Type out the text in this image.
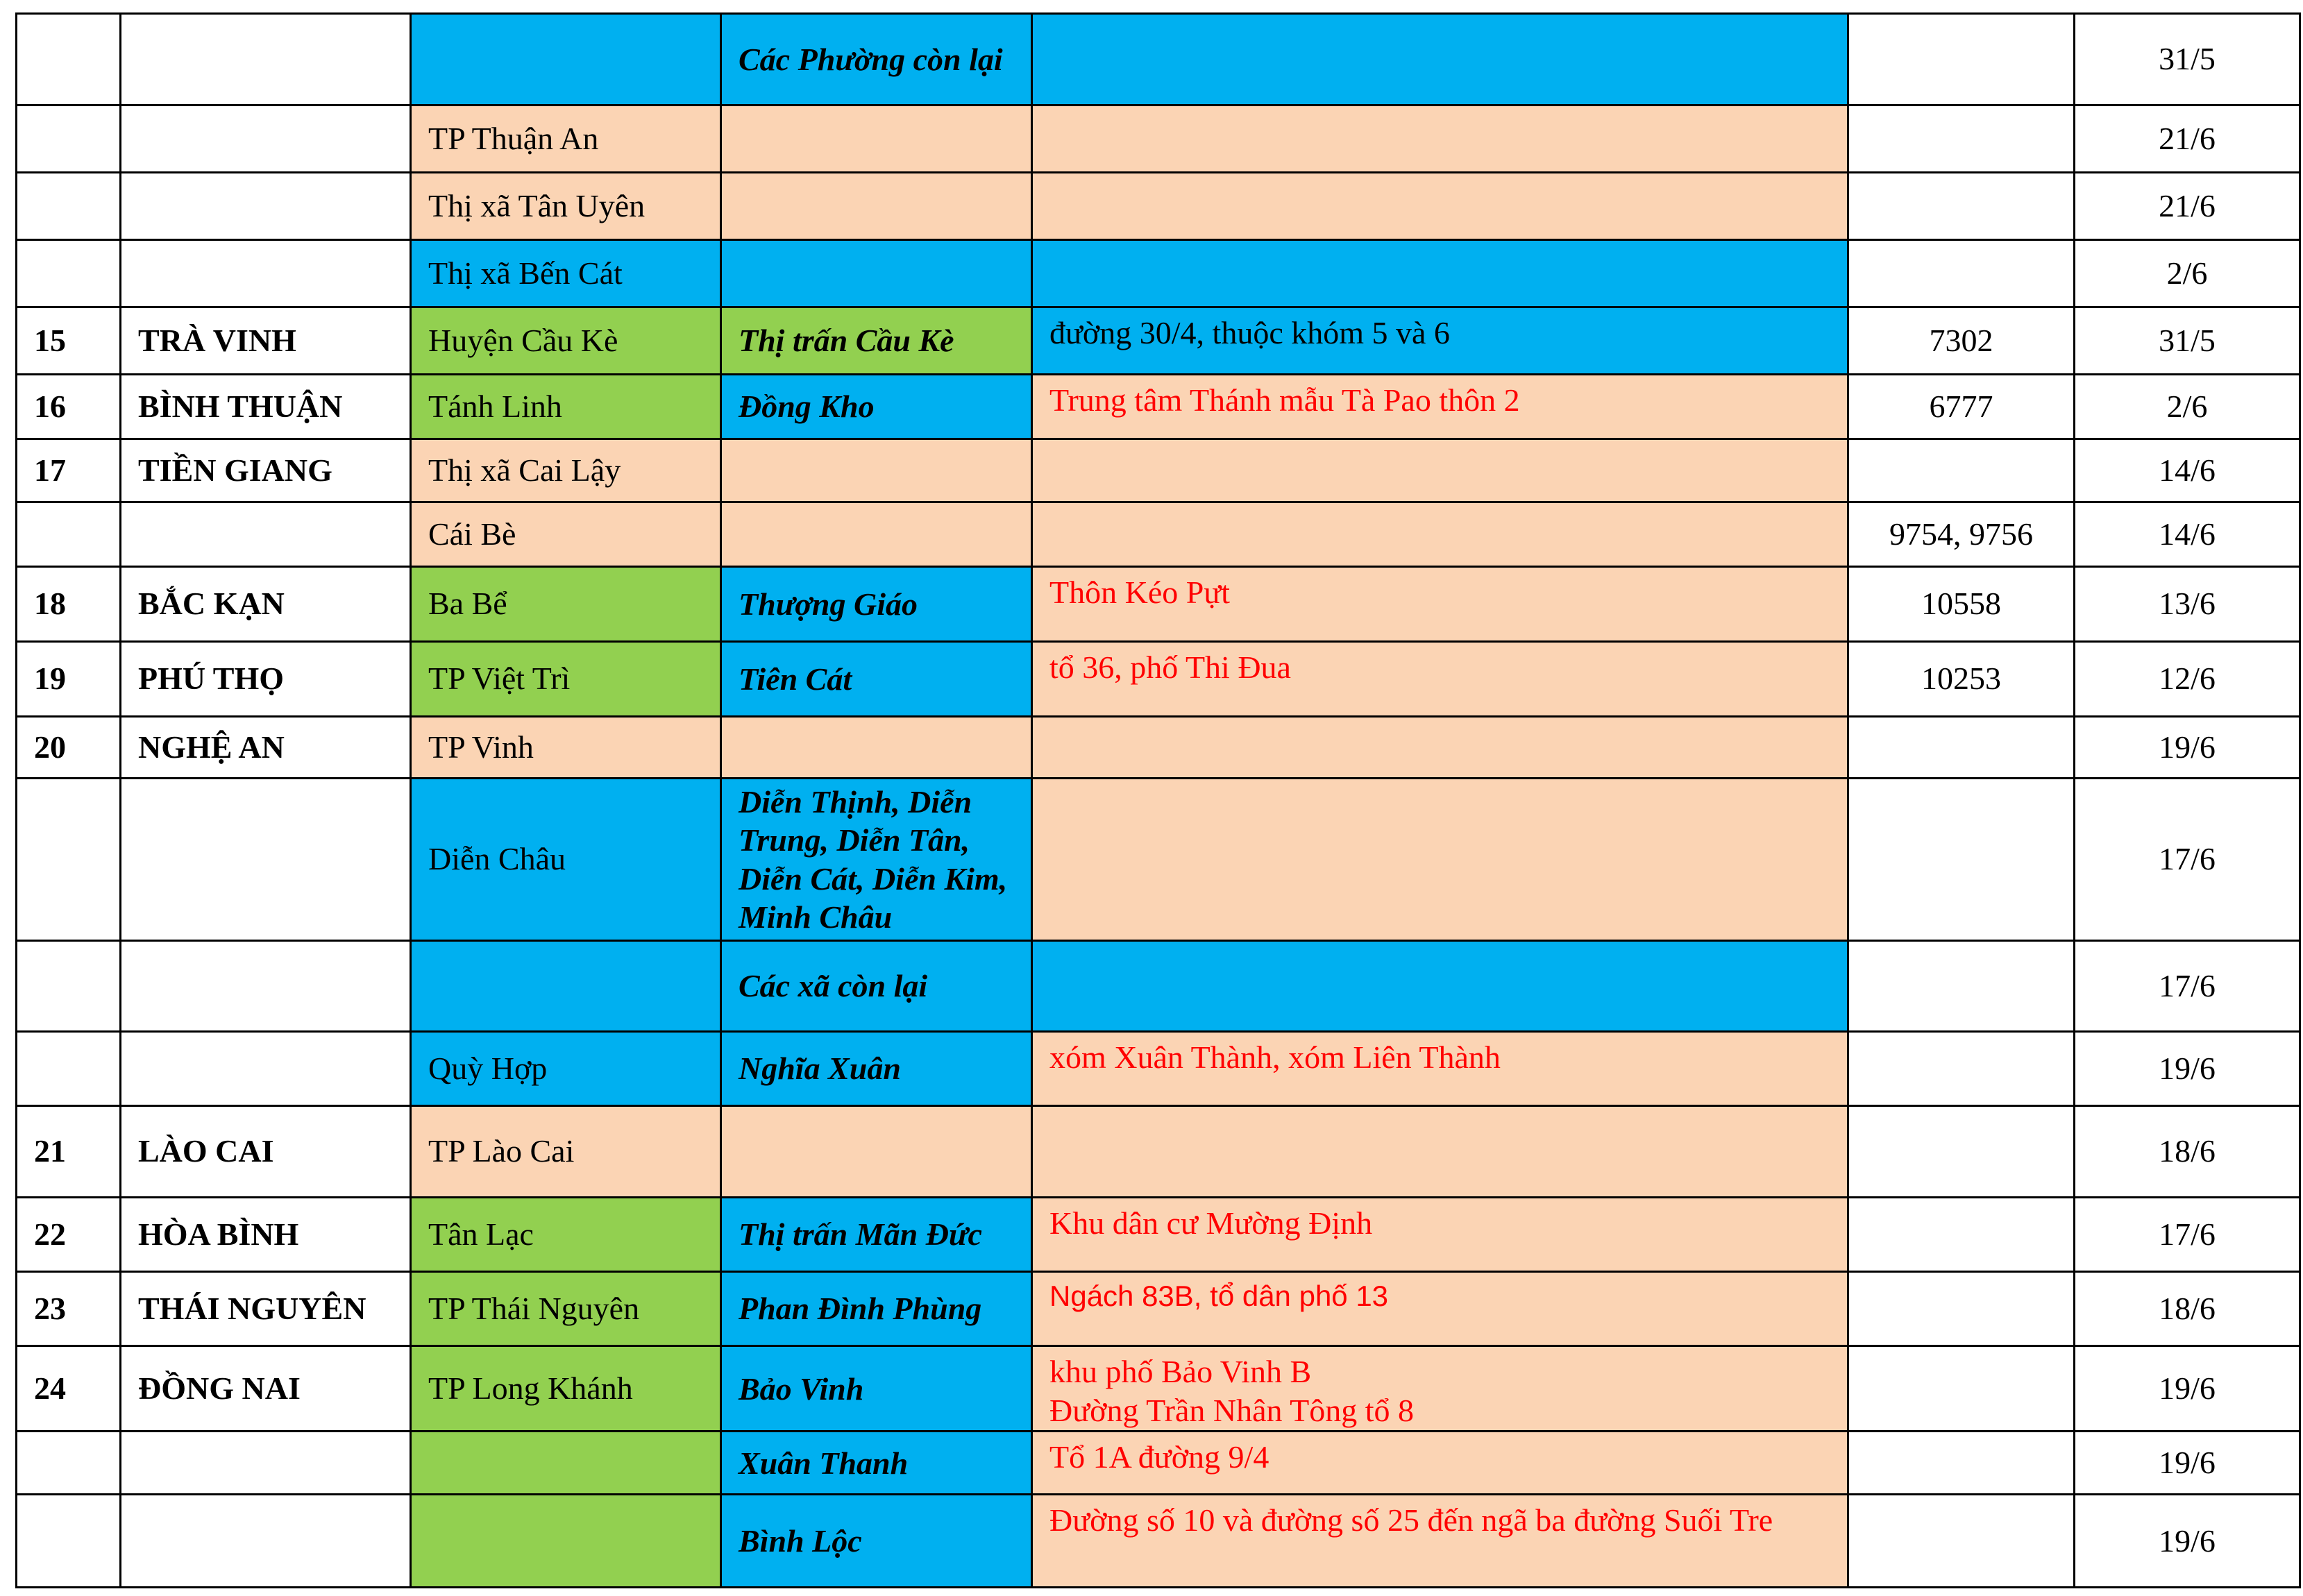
			Các Phường còn lại			31/5
		TP Thuận An				21/6
		Thị xã Tân Uyên				21/6
		Thị xã Bến Cát				2/6
15	TRÀ VINH	Huyện Cầu Kè	Thị trấn Cầu Kè	đường 30/4, thuộc khóm 5 và 6	7302	31/5
16	BÌNH THUẬN	Tánh Linh	Đồng Kho	Trung tâm Thánh mẫu Tà Pao thôn 2	6777	2/6
17	TIỀN GIANG	Thị xã Cai Lậy				14/6
		Cái Bè			9754, 9756	14/6
18	BẮC KẠN	Ba Bể	Thượng Giáo	Thôn Kéo Pựt	10558	13/6
19	PHÚ THỌ	TP Việt Trì	Tiên Cát	tổ 36, phố Thi Đua	10253	12/6
20	NGHỆ AN	TP Vinh				19/6
		Diễn Châu	Diễn Thịnh, Diễn Trung, Diễn Tân, Diễn Cát, Diễn Kim, Minh Châu			17/6
			Các xã còn lại			17/6
		Quỳ Hợp	Nghĩa Xuân	xóm Xuân Thành, xóm Liên Thành		19/6
21	LÀO CAI	TP Lào Cai				18/6
22	HÒA BÌNH	Tân Lạc	Thị trấn Mãn Đức	Khu dân cư Mường Định		17/6
23	THÁI NGUYÊN	TP Thái Nguyên	Phan Đình Phùng	Ngách 83B, tổ dân phố 13		18/6
24	ĐỒNG NAI	TP Long Khánh	Bảo Vinh	khu phố Bảo Vinh B
Đường Trần Nhân Tông tổ 8		19/6
			Xuân Thanh	Tổ 1A đường 9/4		19/6
			Bình Lộc	Đường số 10 và đường số 25 đến ngã ba đường Suối Tre		19/6
